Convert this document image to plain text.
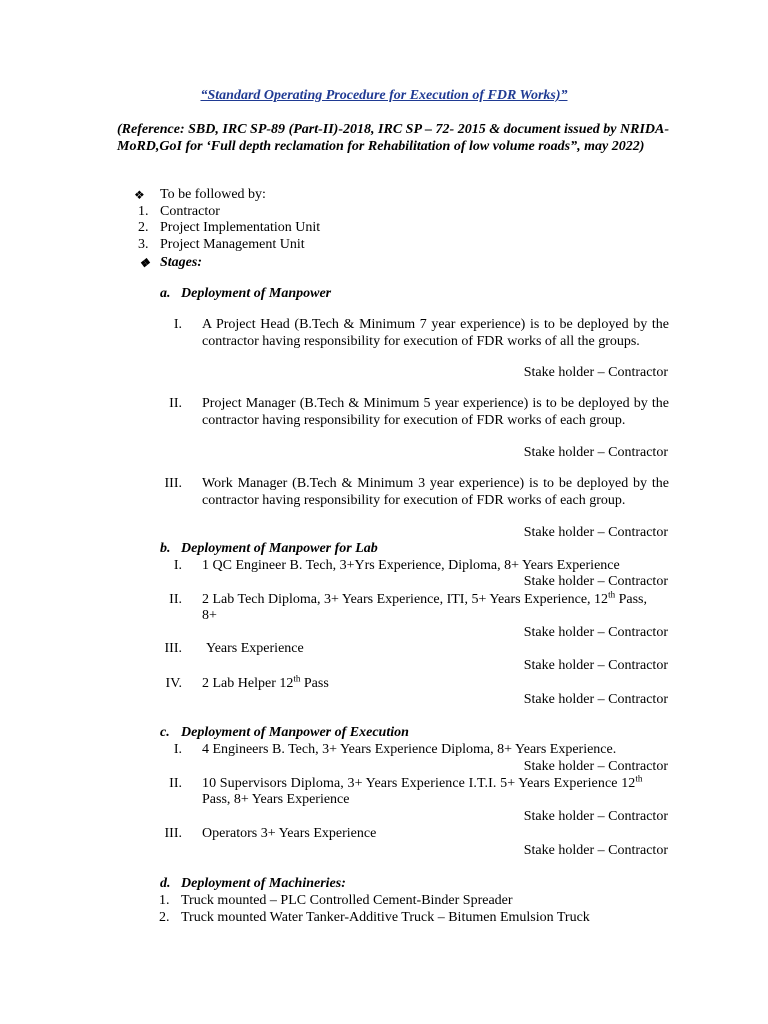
“Standard Operating Procedure for Execution of FDR Works)”
(Reference: SBD, IRC SP-89 (Part-II)-2018, IRC SP – 72- 2015 & document issued by NRIDA-MoRD,GoI for ‘Full depth reclamation for Rehabilitation of low volume roads”, may 2022)
❖ To be followed by:
1. Contractor
2. Project Implementation Unit
3. Project Management Unit
❖ Stages:
a. Deployment of Manpower
I. A Project Head (B.Tech & Minimum 7 year experience) is to be deployed by the contractor having responsibility for execution of FDR works of all the groups.
Stake holder – Contractor
II. Project Manager (B.Tech & Minimum 5 year experience) is to be deployed by the contractor having responsibility for execution of FDR works of each group.
Stake holder – Contractor
III. Work Manager (B.Tech & Minimum 3 year experience) is to be deployed by the contractor having responsibility for execution of FDR works of each group.
Stake holder – Contractor
b. Deployment of Manpower for Lab
I. 1 QC Engineer B. Tech, 3+Yrs Experience, Diploma, 8+ Years Experience
Stake holder – Contractor
II. 2 Lab Tech Diploma, 3+ Years Experience, ITI, 5+ Years Experience, 12th Pass,
8+
Stake holder – Contractor
III. Years Experience
Stake holder – Contractor
IV. 2 Lab Helper 12th Pass
Stake holder – Contractor
c. Deployment of Manpower of Execution
I. 4 Engineers B. Tech, 3+ Years Experience Diploma, 8+ Years Experience.
Stake holder – Contractor
II. 10 Supervisors Diploma, 3+ Years Experience I.T.I. 5+ Years Experience 12th
Pass, 8+ Years Experience
Stake holder – Contractor
III. Operators 3+ Years Experience
Stake holder – Contractor
d. Deployment of Machineries:
1. Truck mounted – PLC Controlled Cement-Binder Spreader
2. Truck mounted Water Tanker-Additive Truck – Bitumen Emulsion Truck
